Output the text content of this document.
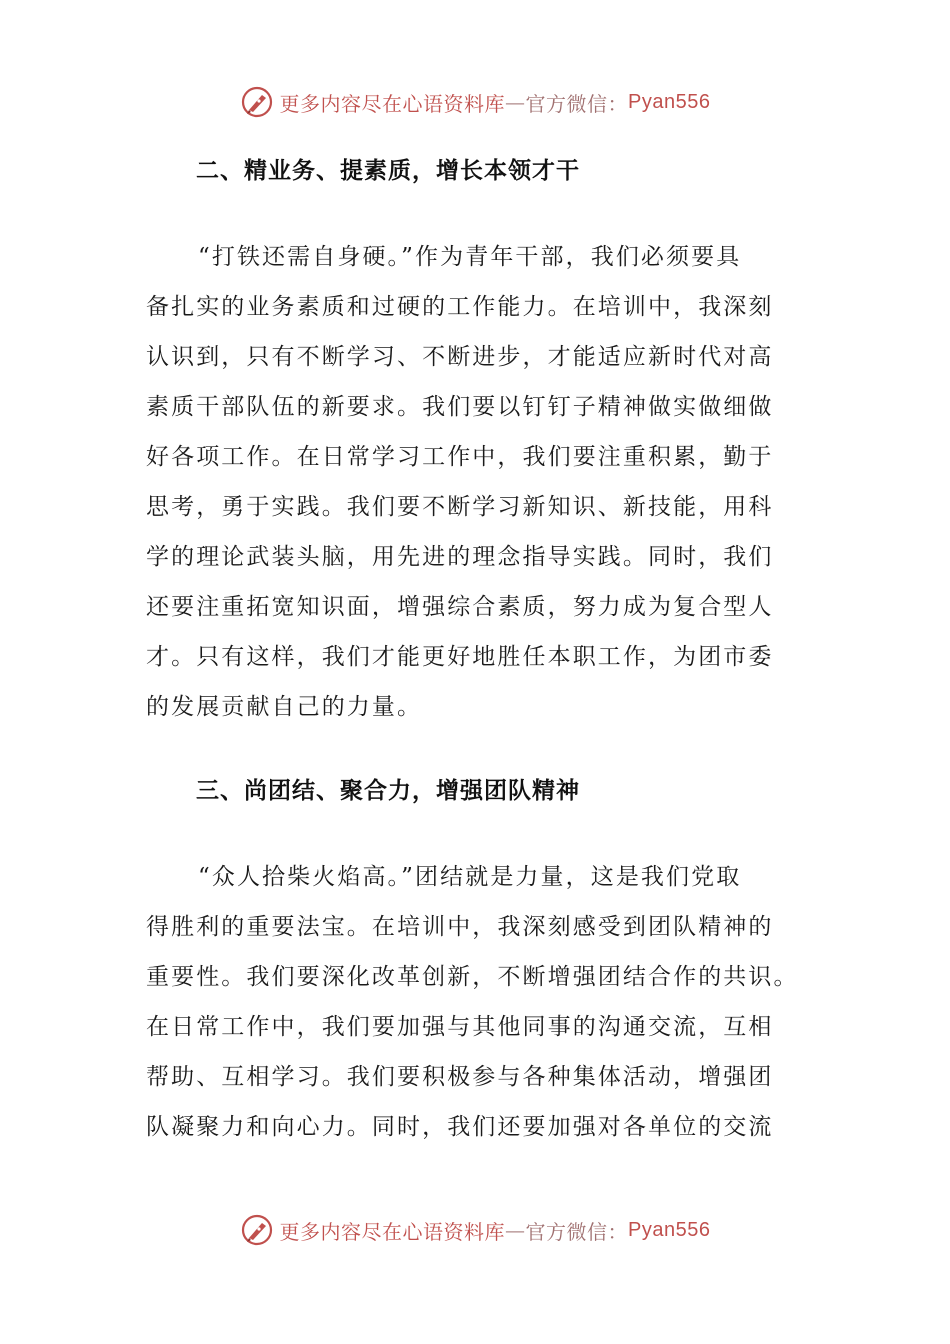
更多内容尽在心语资料库 — 官方微信： Pyan556
二、精业务、提素质，增长本领才干
“打铁还需自身硬。”作为青年干部，我们必须要具
备扎实的业务素质和过硬的工作能力。在培训中，我深刻
认识到，只有不断学习、不断进步，才能适应新时代对高
素质干部队伍的新要求。我们要以钉钉子精神做实做细做
好各项工作。在日常学习工作中，我们要注重积累，勤于
思考，勇于实践。我们要不断学习新知识、新技能，用科
学的理论武装头脑，用先进的理念指导实践。同时，我们
还要注重拓宽知识面，增强综合素质，努力成为复合型人
才。只有这样，我们才能更好地胜任本职工作，为团市委
的发展贡献自己的力量。
三、尚团结、聚合力，增强团队精神
“众人拾柴火焰高。”团结就是力量，这是我们党取
得胜利的重要法宝。在培训中，我深刻感受到团队精神的
重要性。我们要深化改革创新，不断增强团结合作的共识。
在日常工作中，我们要加强与其他同事的沟通交流，互相
帮助、互相学习。我们要积极参与各种集体活动，增强团
队凝聚力和向心力。同时，我们还要加强对各单位的交流
更多内容尽在心语资料库 — 官方微信： Pyan556
